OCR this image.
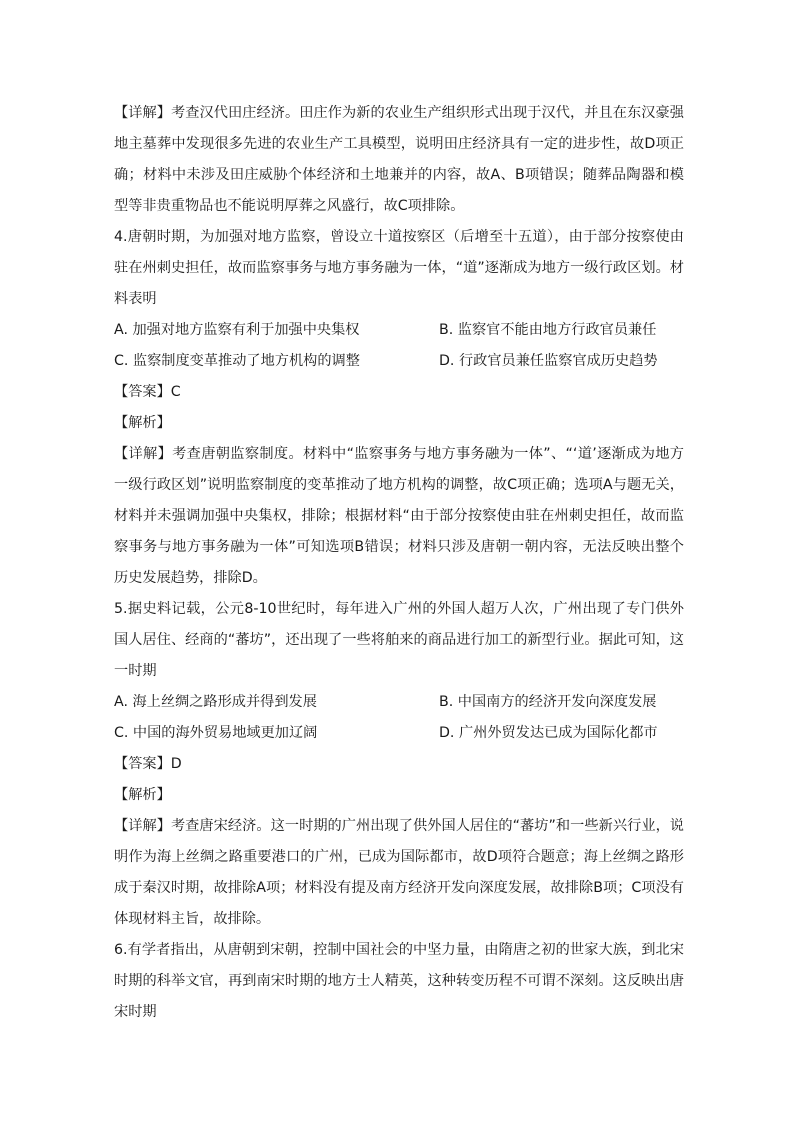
【详解】考查汉代田庄经济。田庄作为新的农业生产组织形式出现于汉代，并且在东汉豪强地主墓葬中发现很多先进的农业生产工具模型，说明田庄经济具有一定的进步性，故D项正确；材料中未涉及田庄威胁个体经济和土地兼并的内容，故A、B项错误；随葬品陶器和模型等非贵重物品也不能说明厚葬之风盛行，故C项排除。

4.唐朝时期，为加强对地方监察，曾设立十道按察区（后增至十五道），由于部分按察使由驻在州刺史担任，故而监察事务与地方事务融为一体，“道”逐渐成为地方一级行政区划。材料表明

A. 加强对地方监察有利于加强中央集权	B. 监察官不能由地方行政官员兼任
C. 监察制度变革推动了地方机构的调整	D. 行政官员兼任监察官成历史趋势

【答案】C

【解析】

【详解】考查唐朝监察制度。材料中“监察事务与地方事务融为一体”、“‘道’逐渐成为地方一级行政区划”说明监察制度的变革推动了地方机构的调整，故C项正确；选项A与题无关，材料并未强调加强中央集权，排除；根据材料“由于部分按察使由驻在州刺史担任，故而监察事务与地方事务融为一体”可知选项B错误；材料只涉及唐朝一朝内容，无法反映出整个历史发展趋势，排除D。

5.据史料记载，公元8-10世纪时，每年进入广州的外国人超万人次，广州出现了专门供外国人居住、经商的“蕃坊”，还出现了一些将舶来的商品进行加工的新型行业。据此可知，这一时期

A. 海上丝绸之路形成并得到发展	B. 中国南方的经济开发向深度发展
C. 中国的海外贸易地域更加辽阔	D. 广州外贸发达已成为国际化都市

【答案】D

【解析】

【详解】考查唐宋经济。这一时期的广州出现了供外国人居住的“蕃坊”和一些新兴行业，说明作为海上丝绸之路重要港口的广州，已成为国际都市，故D项符合题意；海上丝绸之路形成于秦汉时期，故排除A项；材料没有提及南方经济开发向深度发展，故排除B项；C项没有体现材料主旨，故排除。

6.有学者指出，从唐朝到宋朝，控制中国社会的中坚力量，由隋唐之初的世家大族，到北宋时期的科举文官，再到南宋时期的地方士人精英，这种转变历程不可谓不深刻。这反映出唐宋时期
